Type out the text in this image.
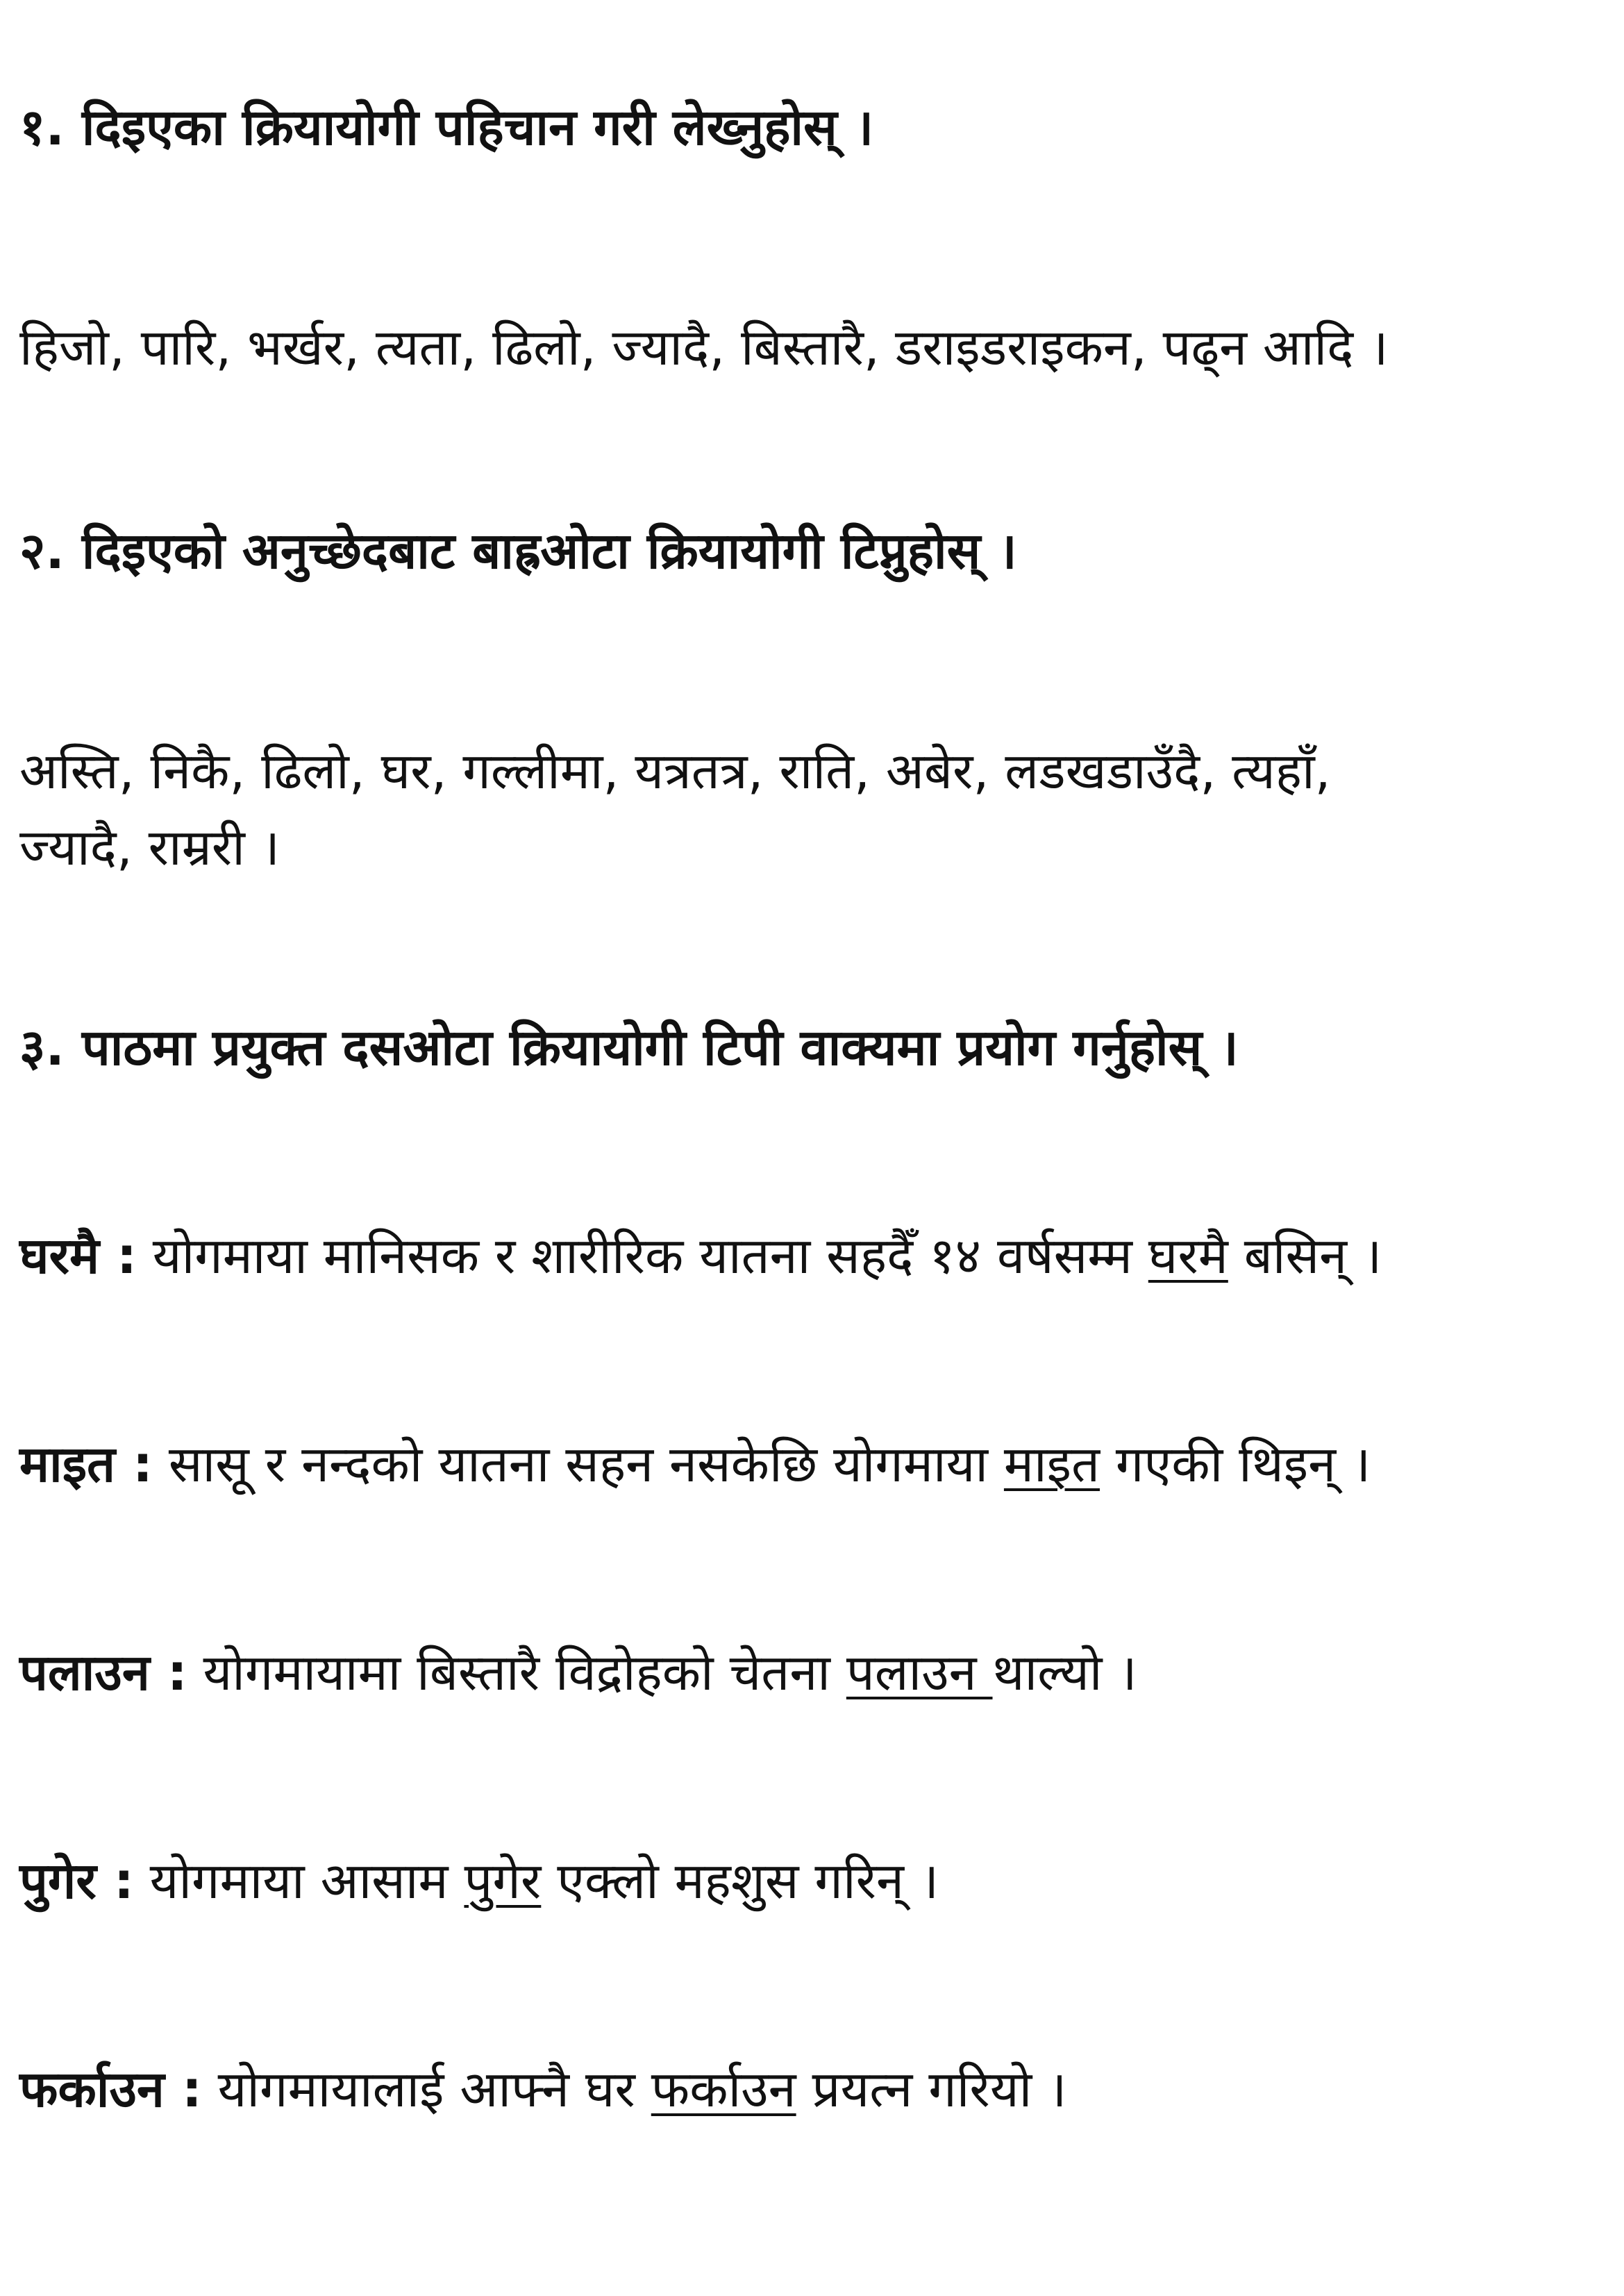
१. दिइएका क्रियायोगी पहिचान गरी लेख्नुहोस् ।
हिजो, पारि, भर्खर, त्यता, ढिलो, ज्यादै, बिस्तारै, डराइडराइकन, पढ्न आदि ।
२. दिइएको अनुच्छेदबाट बाह्रओटा क्रियायोगी टिप्नुहोस् ।
अस्ति, निकै, ढिलो, घर, गल्लीमा, यत्रतत्र, राति, अबेर, लडखडाउँदै, त्यहाँ,
ज्यादै, राम्ररी ।
३. पाठमा प्रयुक्त दसओटा क्रियायोगी टिपी वाक्यमा प्रयोग गर्नुहोस् ।
घरमै : योगमाया मानिसक र शारीरिक यातना सहदैँ १४ वर्षसम्म घरमै बसिन् ।
माइत : सासू र नन्दको यातना सहन नसकेछि योगमाया माइत गएकी थिइन् ।
पलाउन : योगमायामा बिस्तारै विद्रोहको चेतना पलाउन थाल्यो ।
पुगेर : योगमाया आसाम पुगेर एक्लो महशुस गरिन् ।
फर्काउन : योगमायालाई आफ्नै घर फर्काउन प्रयत्न गरियो ।
